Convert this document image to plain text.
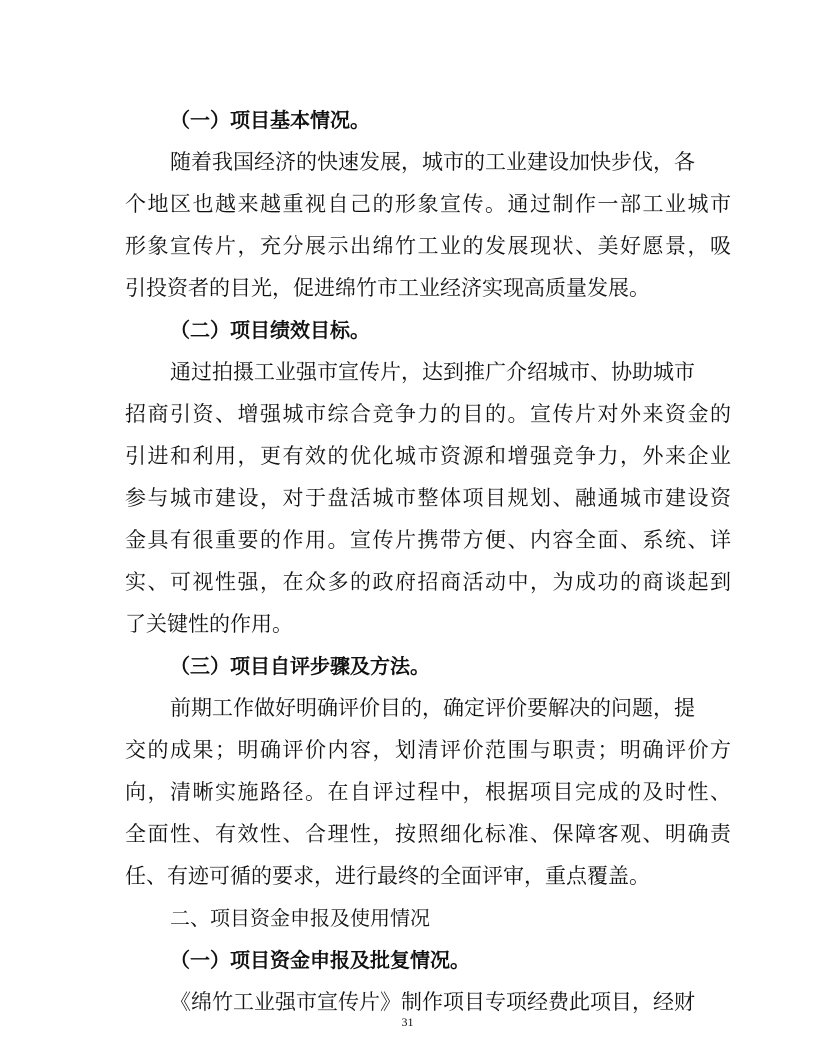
（一）项目基本情况。
随着我国经济的快速发展，城市的工业建设加快步伐，各
个地区也越来越重视自己的形象宣传。通过制作一部工业城市
形象宣传片，充分展示出绵竹工业的发展现状、美好愿景，吸
引投资者的目光，促进绵竹市工业经济实现高质量发展。
（二）项目绩效目标。
通过拍摄工业强市宣传片，达到推广介绍城市、协助城市
招商引资、增强城市综合竞争力的目的。宣传片对外来资金的
引进和利用，更有效的优化城市资源和增强竞争力，外来企业
参与城市建设，对于盘活城市整体项目规划、融通城市建设资
金具有很重要的作用。宣传片携带方便、内容全面、系统、详
实、可视性强，在众多的政府招商活动中，为成功的商谈起到
了关键性的作用。
（三）项目自评步骤及方法。
前期工作做好明确评价目的，确定评价要解决的问题，提
交的成果；明确评价内容，划清评价范围与职责；明确评价方
向，清晰实施路径。在自评过程中，根据项目完成的及时性、
全面性、有效性、合理性，按照细化标准、保障客观、明确责
任、有迹可循的要求，进行最终的全面评审，重点覆盖。
二、项目资金申报及使用情况
（一）项目资金申报及批复情况。
《绵竹工业强市宣传片》制作项目专项经费此项目，经财
31
